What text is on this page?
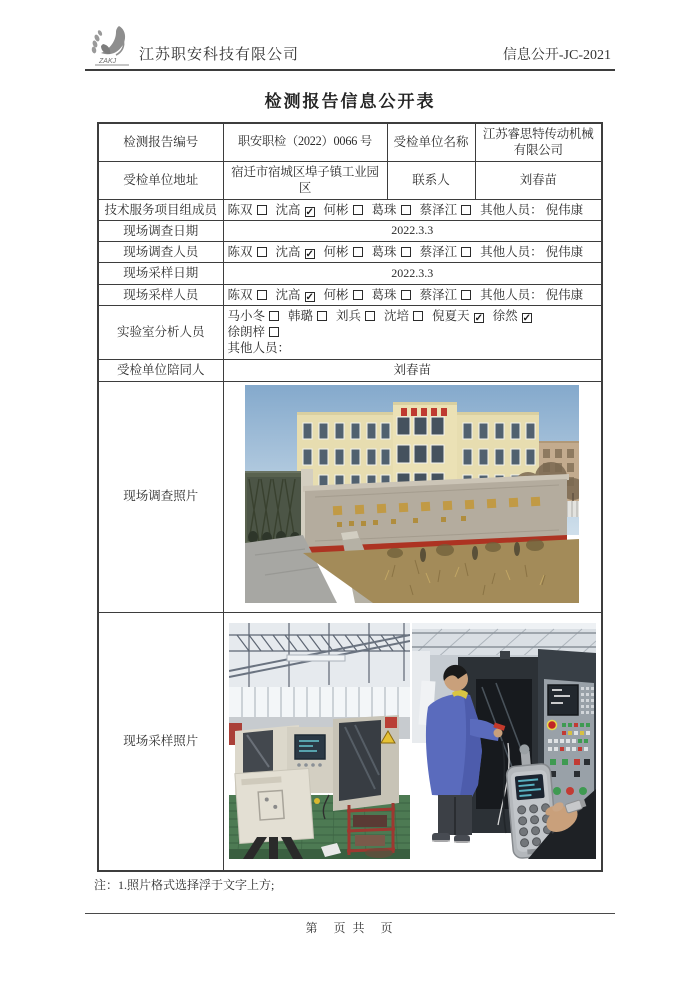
ZAKJ 江苏职安科技有限公司	信息公开-JC-2021
检测报告信息公开表
检测报告编号	职安职检（2022）0066 号	受检单位名称	江苏睿思特传动机械有限公司
受检单位地址	宿迁市宿城区埠子镇工业园区	联系人	刘春苗
技术服务项目组成员	陈双 沈高 ✓ 何彬 葛珠 蔡泽江 其他人员： 倪伟康		
现场调查日期	2022.3.3		
现场调查人员	陈双 沈高 ✓ 何彬 葛珠 蔡泽江 其他人员： 倪伟康		
现场采样日期	2022.3.3		
现场采样人员	陈双 沈高 ✓ 何彬 葛珠 蔡泽江 其他人员： 倪伟康		
实验室分析人员	马小冬 韩璐 刘兵 沈培 倪夏天 ✓ 徐然 ✓徐朗梓
其他人员：		

受检单位陪同人	刘春苗		
现场调查照片	
现场采样照片	
注：1.照片格式选择浮于文字上方;
第　页 共　页
